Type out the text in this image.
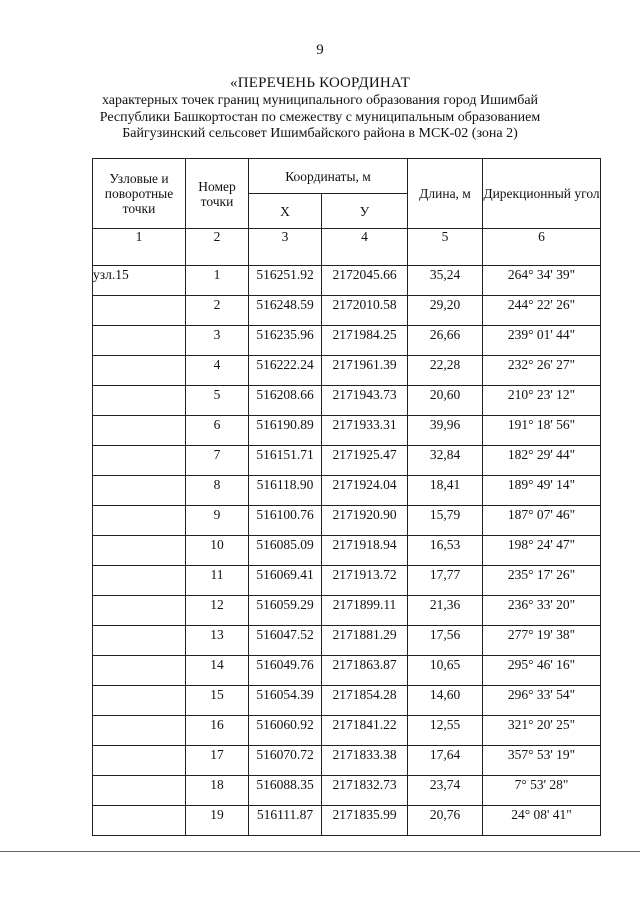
9
«ПЕРЕЧЕНЬ КООРДИНАТ
характерных точек границ муниципального образования город Ишимбай
Республики Башкортостан по смежеству с муниципальным образованием
Байгузинский сельсовет Ишимбайского района в МСК-02 (зона 2)
Узловые и поворотные точки	Номер точки	Координаты, м		Длина, м	Дирекционный угол
		X	У		
1	2	3	4	5	6
узл.15	1	516251.92	2172045.66	35,24	264° 34' 39"
	2	516248.59	2172010.58	29,20	244° 22' 26"
	3	516235.96	2171984.25	26,66	239° 01' 44"
	4	516222.24	2171961.39	22,28	232° 26' 27"
	5	516208.66	2171943.73	20,60	210° 23' 12"
	6	516190.89	2171933.31	39,96	191° 18' 56"
	7	516151.71	2171925.47	32,84	182° 29' 44"
	8	516118.90	2171924.04	18,41	189° 49' 14"
	9	516100.76	2171920.90	15,79	187° 07' 46"
	10	516085.09	2171918.94	16,53	198° 24' 47"
	11	516069.41	2171913.72	17,77	235° 17' 26"
	12	516059.29	2171899.11	21,36	236° 33' 20"
	13	516047.52	2171881.29	17,56	277° 19' 38"
	14	516049.76	2171863.87	10,65	295° 46' 16"
	15	516054.39	2171854.28	14,60	296° 33' 54"
	16	516060.92	2171841.22	12,55	321° 20' 25"
	17	516070.72	2171833.38	17,64	357° 53' 19"
	18	516088.35	2171832.73	23,74	7° 53' 28"
	19	516111.87	2171835.99	20,76	24° 08' 41"
